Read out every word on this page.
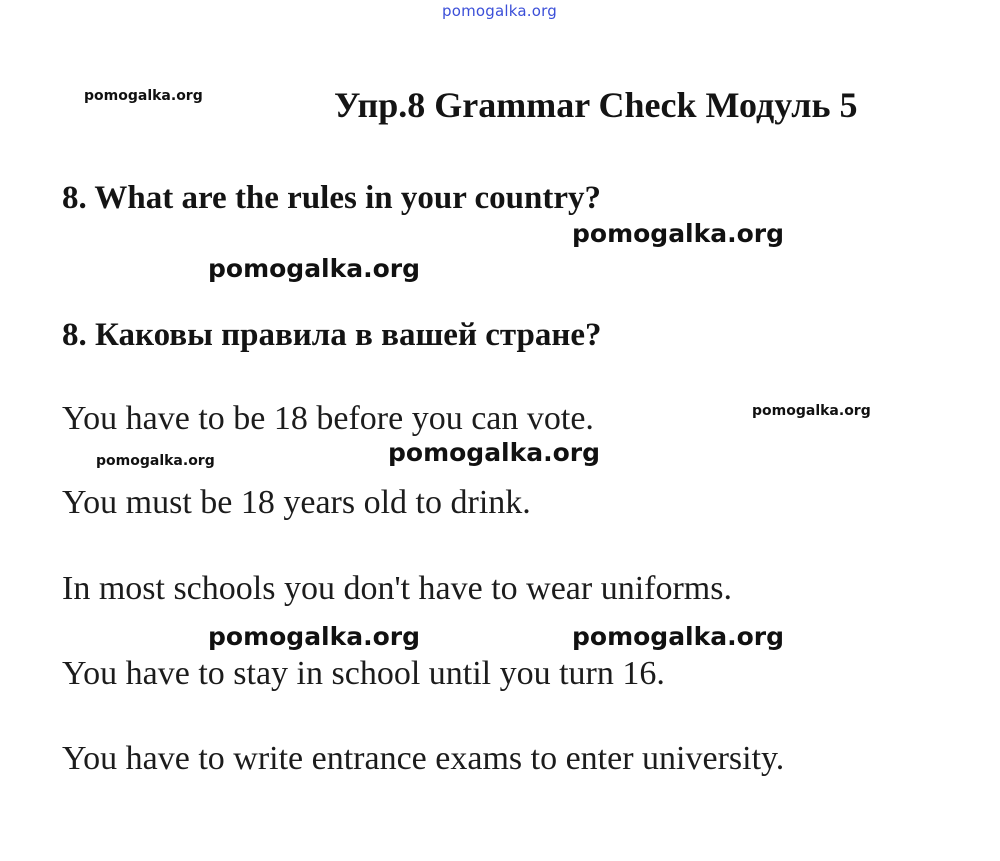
pomogalka.org
pomogalka.org	Упр.8 Grammar Check Модуль 5
8. What are the rules in your country?
pomogalka.org
pomogalka.org
8. Каковы правила в вашей стране?
You have to be 18 before you can vote.	pomogalka.org
pomogalka.org	pomogalka.org
You must be 18 years old to drink.
In most schools you don't have to wear uniforms.
pomogalka.org	pomogalka.org
You have to stay in school until you turn 16.
You have to write entrance exams to enter university.
